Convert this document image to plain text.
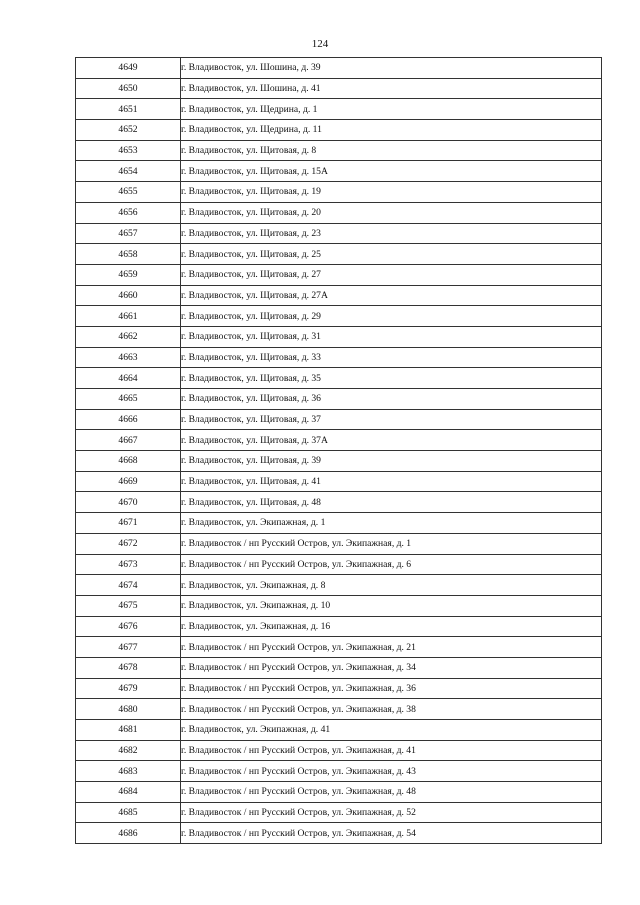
124
4649	г. Владивосток, ул. Шошина, д. 39
4650	г. Владивосток, ул. Шошина, д. 41
4651	г. Владивосток, ул. Щедрина, д. 1
4652	г. Владивосток, ул. Щедрина, д. 11
4653	г. Владивосток, ул. Щитовая, д. 8
4654	г. Владивосток, ул. Щитовая, д. 15А
4655	г. Владивосток, ул. Щитовая, д. 19
4656	г. Владивосток, ул. Щитовая, д. 20
4657	г. Владивосток, ул. Щитовая, д. 23
4658	г. Владивосток, ул. Щитовая, д. 25
4659	г. Владивосток, ул. Щитовая, д. 27
4660	г. Владивосток, ул. Щитовая, д. 27А
4661	г. Владивосток, ул. Щитовая, д. 29
4662	г. Владивосток, ул. Щитовая, д. 31
4663	г. Владивосток, ул. Щитовая, д. 33
4664	г. Владивосток, ул. Щитовая, д. 35
4665	г. Владивосток, ул. Щитовая, д. 36
4666	г. Владивосток, ул. Щитовая, д. 37
4667	г. Владивосток, ул. Щитовая, д. 37А
4668	г. Владивосток, ул. Щитовая, д. 39
4669	г. Владивосток, ул. Щитовая, д. 41
4670	г. Владивосток, ул. Щитовая, д. 48
4671	г. Владивосток, ул. Экипажная, д. 1
4672	г. Владивосток / нп Русский Остров, ул. Экипажная, д. 1
4673	г. Владивосток / нп Русский Остров, ул. Экипажная, д. 6
4674	г. Владивосток, ул. Экипажная, д. 8
4675	г. Владивосток, ул. Экипажная, д. 10
4676	г. Владивосток, ул. Экипажная, д. 16
4677	г. Владивосток / нп Русский Остров, ул. Экипажная, д. 21
4678	г. Владивосток / нп Русский Остров, ул. Экипажная, д. 34
4679	г. Владивосток / нп Русский Остров, ул. Экипажная, д. 36
4680	г. Владивосток / нп Русский Остров, ул. Экипажная, д. 38
4681	г. Владивосток, ул. Экипажная, д. 41
4682	г. Владивосток / нп Русский Остров, ул. Экипажная, д. 41
4683	г. Владивосток / нп Русский Остров, ул. Экипажная, д. 43
4684	г. Владивосток / нп Русский Остров, ул. Экипажная, д. 48
4685	г. Владивосток / нп Русский Остров, ул. Экипажная, д. 52
4686	г. Владивосток / нп Русский Остров, ул. Экипажная, д. 54
